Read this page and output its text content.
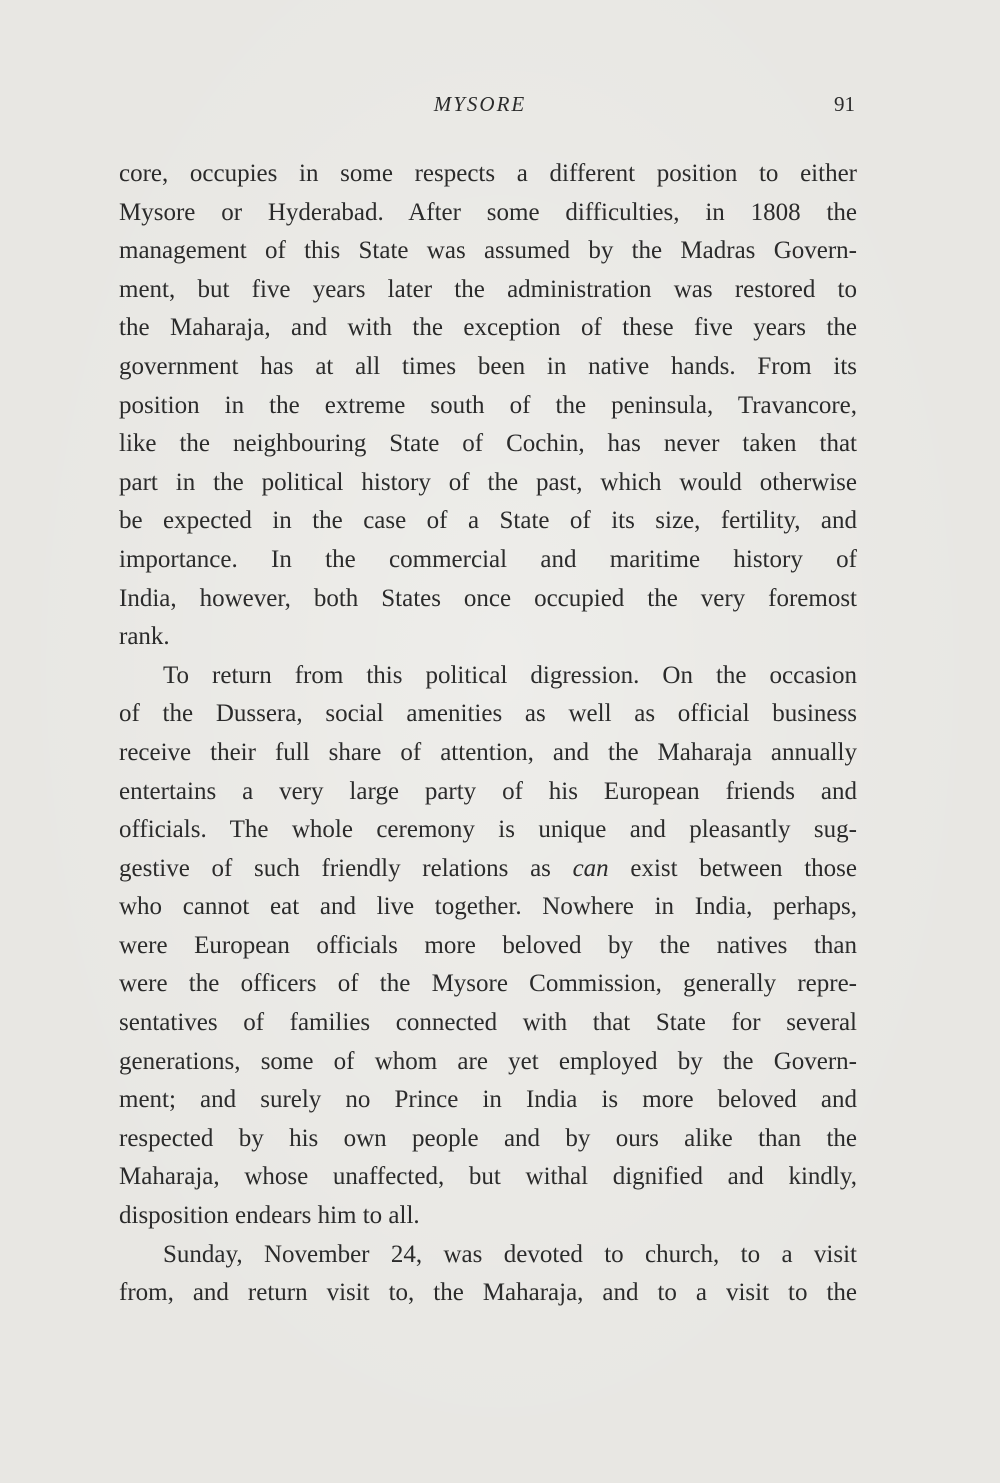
MYSORE	91
core, occupies in some respects a different position to either
Mysore or Hyderabad. After some difficulties, in 1808 the
management of this State was assumed by the Madras Govern-
ment, but five years later the administration was restored to
the Maharaja, and with the exception of these five years the
government has at all times been in native hands. From its
position in the extreme south of the peninsula, Travancore,
like the neighbouring State of Cochin, has never taken that
part in the political history of the past, which would otherwise
be expected in the case of a State of its size, fertility, and
importance. In the commercial and maritime history of
India, however, both States once occupied the very foremost
rank.
To return from this political digression. On the occasion
of the Dussera, social amenities as well as official business
receive their full share of attention, and the Maharaja annually
entertains a very large party of his European friends and
officials. The whole ceremony is unique and pleasantly sug-
gestive of such friendly relations as can exist between those
who cannot eat and live together. Nowhere in India, perhaps,
were European officials more beloved by the natives than
were the officers of the Mysore Commission, generally repre-
sentatives of families connected with that State for several
generations, some of whom are yet employed by the Govern-
ment; and surely no Prince in India is more beloved and
respected by his own people and by ours alike than the
Maharaja, whose unaffected, but withal dignified and kindly,
disposition endears him to all.
Sunday, November 24, was devoted to church, to a visit
from, and return visit to, the Maharaja, and to a visit to the
